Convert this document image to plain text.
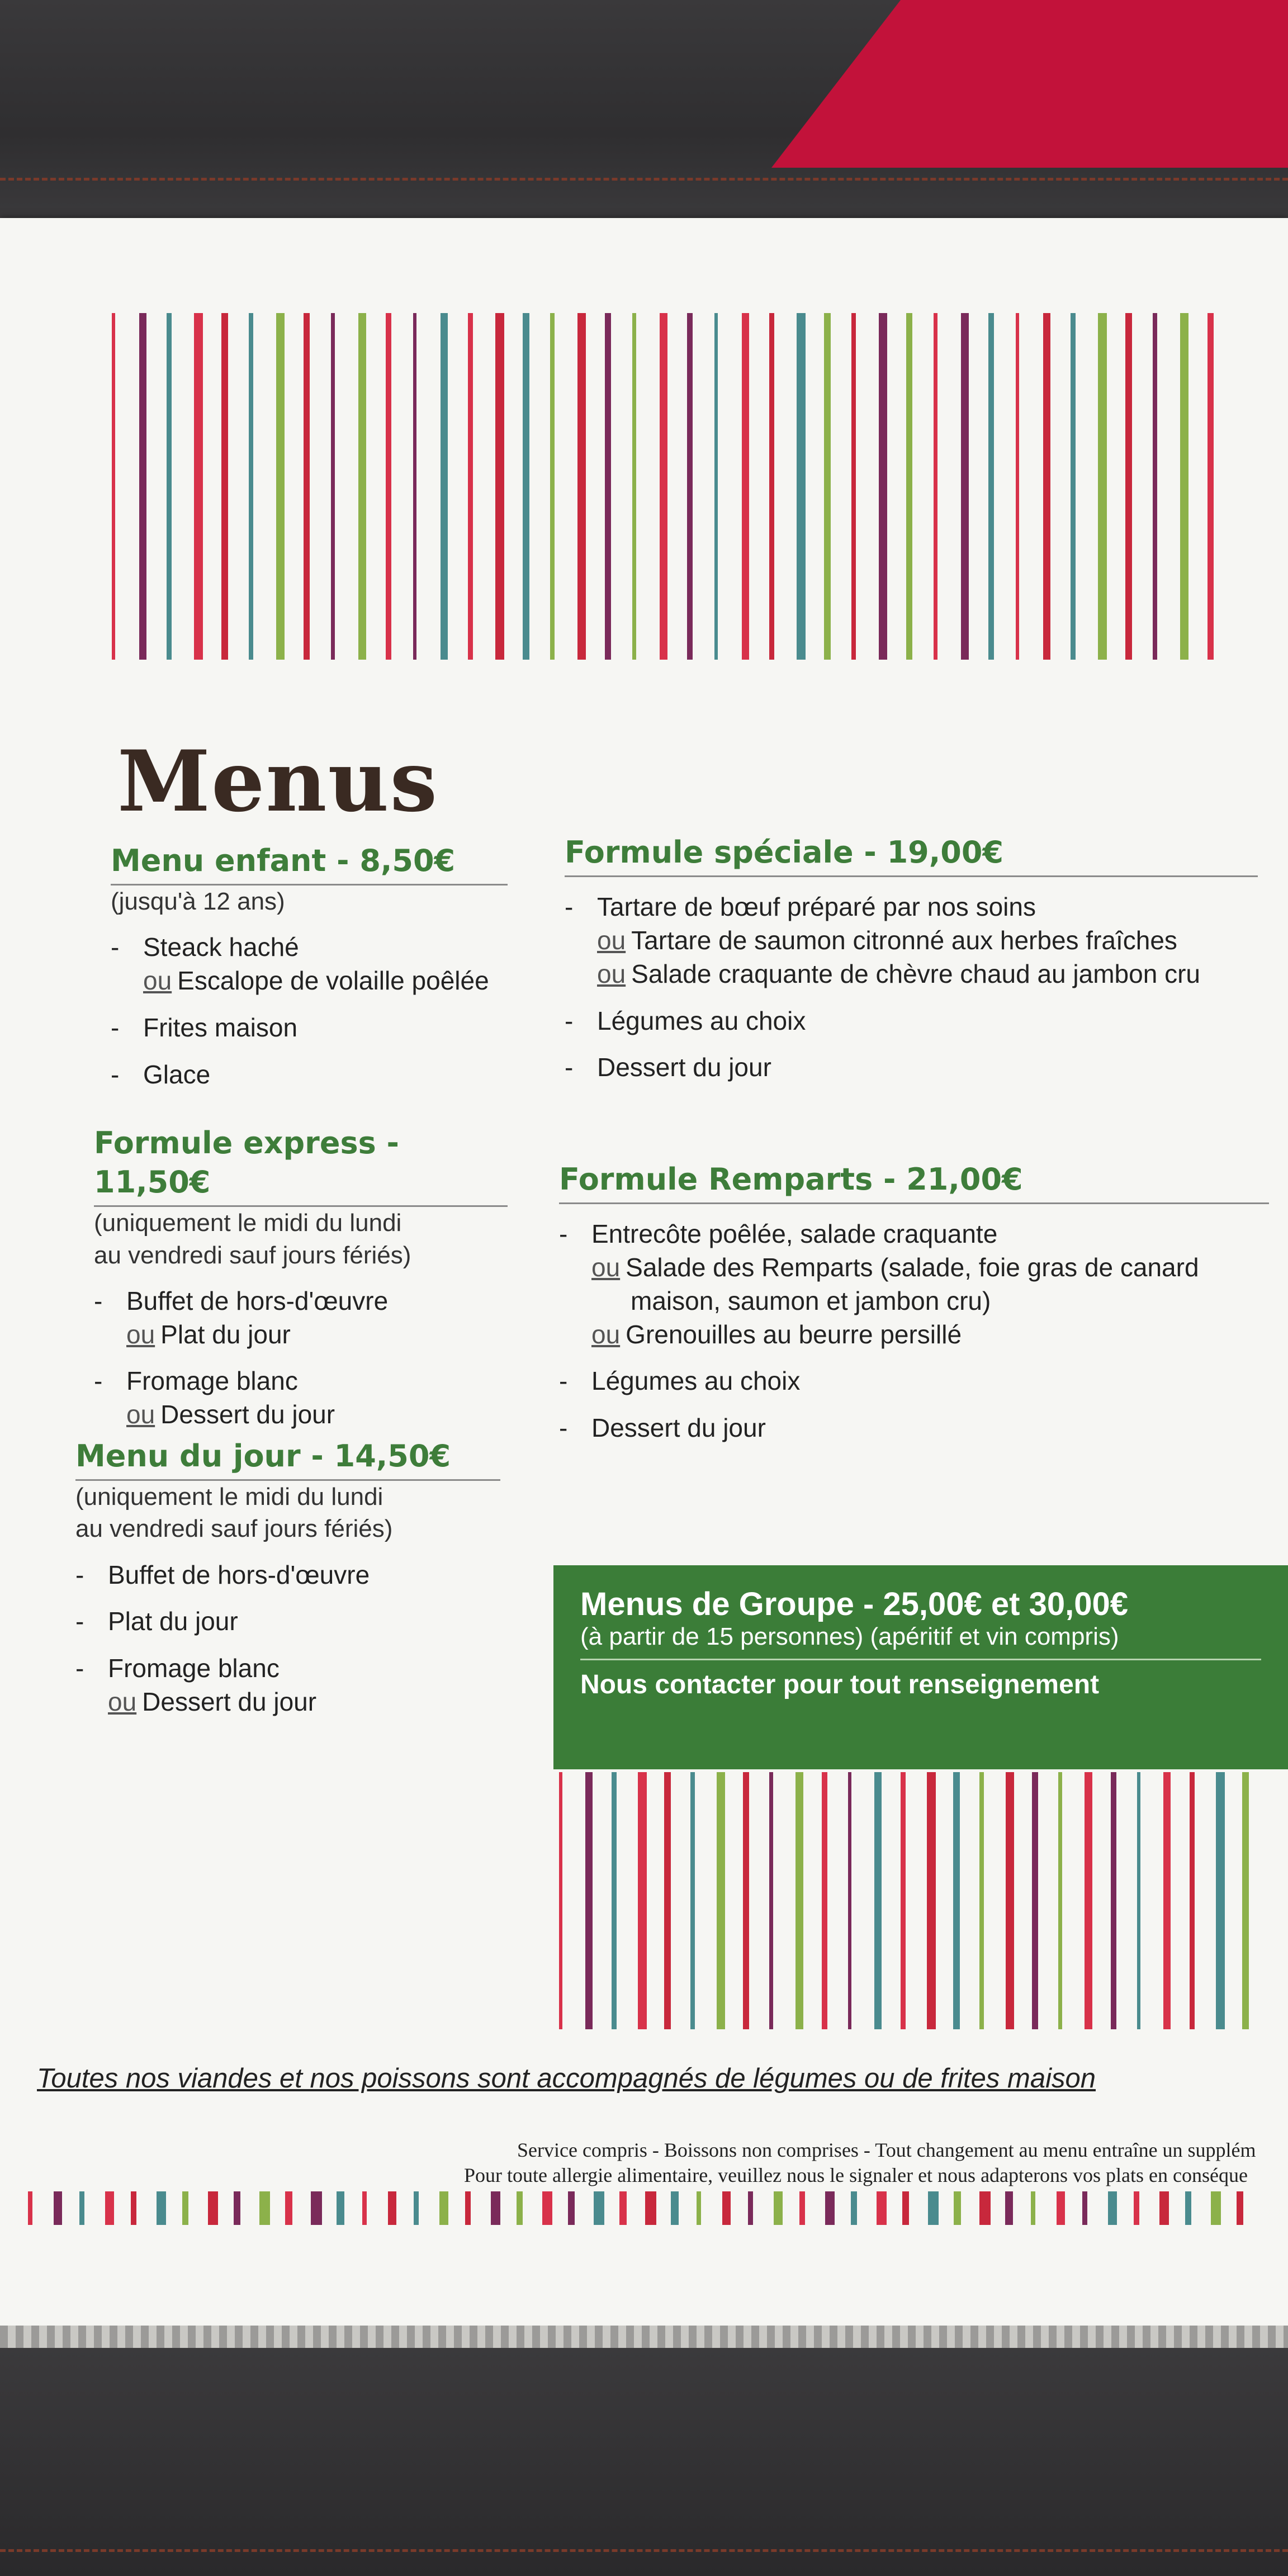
Menus
Menu enfant - 8,50€
(jusqu'à 12 ans)
- Steack haché
ou Escalope de volaille poêlée
- Frites maison
- Glace
Formule express - 11,50€
(uniquement le midi du lundi
au vendredi sauf jours fériés)
- Buffet de hors-d'œuvre
ou Plat du jour
- Fromage blanc
ou Dessert du jour
Menu du jour - 14,50€
(uniquement le midi du lundi
au vendredi sauf jours fériés)
- Buffet de hors-d'œuvre
- Plat du jour
- Fromage blanc
ou Dessert du jour
Formule spéciale - 19,00€
- Tartare de bœuf préparé par nos soins
ou Tartare de saumon citronné aux herbes fraîches
ou Salade craquante de chèvre chaud au jambon cru
- Légumes au choix
- Dessert du jour
Formule Remparts - 21,00€
- Entrecôte poêlée, salade craquante
ou Salade des Remparts (salade, foie gras de canard
maison, saumon et jambon cru)
ou Grenouilles au beurre persillé
- Légumes au choix
- Dessert du jour
Menus de Groupe - 25,00€ et 30,00€
(à partir de 15 personnes) (apéritif et vin compris)
Nous contacter pour tout renseignement
Toutes nos viandes et nos poissons sont accompagnés de légumes ou de frites maison
Service compris - Boissons non comprises - Tout changement au menu entraîne un supplém
Pour toute allergie alimentaire, veuillez nous le signaler et nous adapterons vos plats en conséque
